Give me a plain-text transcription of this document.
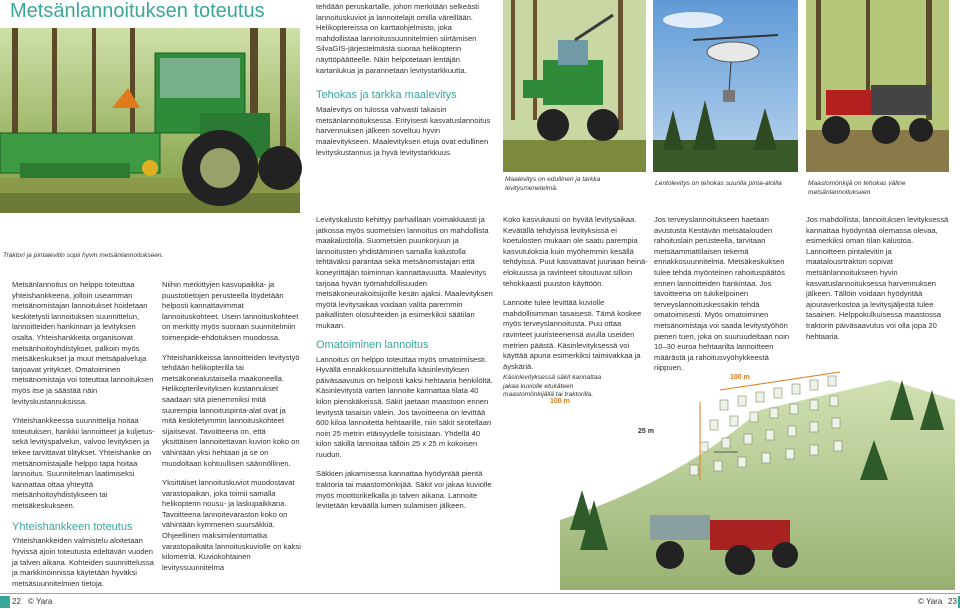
Metsänlannoituksen toteutus
Traktori ja pintalevitin sopii hyvin metsänlannoitukseen.

Metsänlannoitus on helppo toteuttaa yhteishankkeena, jolloin useamman metsänomistajan lannoitukset hoidetaan keskitetysti lannoituksen suunnittelun, lannoitteiden hankinnan ja levityksen osalta. Yhteishankkeita organisoivat metsänhoitoyhdistykset, palkoin myös metsäkeskukset ja muut metsäpalveluja tarjoavat yritykset. Omatoiminen metsänomistaja voi toteuttaa lannoituksen myös itse ja säästää näin levityskustannuksissa.

Yhteishankkeessa suunnittelija hoitaa toteutuksen, hankkii lannoitteet ja kuljetus- sekä levityspalvelun, valvoo levityksen ja tekee tarvittavat tilitykset. Yhteishanke on metsänomistajalle helppo tapa hoitaa lannoitus. Suunnitelman laatimiseksi kannattaa ottaa yhteyttä metsänhoitoyhdistykseen tai metsäkeskukseen.

Yhteishankkeen toteutus

Yhteishankkeiden valmistelu aloitetaan hyvissä ajoin toteutusta edeltävän vuoden ja talven aikana. Kohteiden suunnittelussa ja markkinoinnissa käytetään hyväksi metsäsuunnitelmien tietoja.

Niihin merkittyjen kasvupaikka- ja puustotietojen perusteella löydetään helposti kannattavimmat lannoituskohteet. Usein lannoituskohteet on merkitty myös suoraan suunnitelmiin toimenpide-ehdotuksen muodossa.

Yhteishankkeissa lannoitteiden levitystyö tehdään helikopterilla tai metsäkonealustaisella maakoneella. Helikopterilevityksen kustannukset saadaan sitä pienemmiksi mitä suurempia lannoituspinta-alat ovat ja mitä keskitetymmin lannoituskohteet sijaitsevat. Tavoitteena on, että yksittäisen lannoitettavan kuvion koko on vähintään yksi hehtaari ja se on muodoltaan kohtuullisen säännöllinen.

Yksittäiset lannoituskuviot muodostavat varastopaikan, joka toimii samalla helikopterin nousu- ja laskupaikkana. Tavoitteena lannoitevaraston koko on vähintään kymmenen suursäkkiä. Ohjeellinen maksimilentomatka varastopaikalta lannoituskuviolle on kaksi kilometriä. Kuviokohtainen levityssuunnitelma

tehdään peruskartalle, johon merkitään selkeästi lannoituskuviot ja lannoitelajit omilla väreillään. Helikoptereissa on karttaohjelmisto, joka mahdollistaa lannoitussuunnitelmien siirtämisen SilvaGIS-järjestelmästä suoraa helikopterin näyttöpäätteelle. Näin helpotetaan lentäjän kartanlukua ja parannetaan levitystarkkuutta.

Tehokas ja tarkka maalevitys

Maalevitys on tulossa vahvasti takaisin metsänlannoituksessa. Erityisesti kasvatuslannoitus harvennuksen jälkeen soveltuu hyvin maalevitykseen. Maalevityksen etuja ovat edullinen levityskustannus ja hyvä levitystarkkuus.

Maalevitys on edullinen ja tarkka levitysmenetelmä.
Lentolevitys on tehokas suurilla pinta-aloilla	Maastomönkijä on tehokas väline metsänlannoitukseen

Levityskalusto kehittyy parhaillaan voimakkaasti ja jatkossa myös suometsien lannoitus on mahdollista maakalustolla. Suometsien puunkorjuun ja lannoitusten yhdistäminen samalla kalustolla tehtäväksi parantaa sekä metsänomistajan että koneyrittäjän toiminnan kannattavuutta. Maalevitys tarjoaa hyvän työmahdollisuuden metsäkoneurakoitsijoille kesän ajaksi. Maalevityksen myötä levitysaikaa voidaan valita paremmin paikallisten olosuhteiden ja esimerkiksi säätilan mukaan.

Omatoiminen lannoitus

Lannoitus on helppo toteuttaa myös omatoimisesti. Hyvällä ennakkosuunnittelulla käsinlevityksen päiväsaavutus on helposti kaksi hehtaaria henkilöltä. Käsinlevitystä varten lannoite kannattaa tilata 40 kilon pienskäkeissä. Säkit jaetaan maastoon ennen levitystä tasaisin välein. Jos tavoitteena on levittää 600 kiloa lannoitetta hehtaarille, niin säkit sirotellaan noin 25 metrin etäisyydelle toisistaan. Yhdellä 40 kilon säkillä lannoitaa tällöin 25 x 25 m kokoisen ruudun.

Säkkien jakamisessa kannattaa hyödyntää pientä traktoria tai maastomönkijää. Säkit voi jakaa kuviolle myös moottorikelkalla jo talven aikana. Lannoite levitetään keväällä lumen sulamisen jälkeen.

Koko kasvukausi on hyvää levitysaikaa. Kevätällä tehdyissä levityksissä ei koetulosten mukaan ole saatu parempia kasvutuloksia kuin myöhemmin kesällä tehdyissä. Puut kasvattavat juuriaan heinä-elokuussa ja ravinteet sitoutuvat silloin tehokkaasti puuston käyttöön.

Lannoite tulee levittää kuviolle mahdollisimman tasaisesti. Tämä koskee myös terveyslannoitusta. Puu ottaa ravinteet juuristeenensä avulla useiden metrien päästä. Käsinlevityksessä voi käyttää apuna esimerkiksi taimivakkaa ja äyskäriä.

Jos terveyslannoitukseen haetaan avustusta Kestävän metsätalouden rahoituslain perusteella, tarvitaan metsäammattilaisen tekemä ennakkosuunnitelma. Metsäkeskuksen tulee tehdä myönteinen rahoituspäätös ennen lannoitteiden hankintaa. Jos tavoitteena on tukikelpoinen terveyslannoituskessakin tehdä omatoimisesti. Myös omatoiminen metsänomistaja voi saada levitystyöhön pienen tuen, joka on suuruudeltaan noin 10–30 euroa hehtaarilta lannoitteen määrästä ja rahoitusvyöhykkeestä riippuen.

Jos mahdollista, lannoituksen levityksessä kannattaa hyödyntää olemassa olevaa, esimerkiksi oman tilan kalustoa. Lannoitteen pintalevitin ja maatalousrtraktori sopivat metsänlannoitukseen hyvin kasvatuslannoituksessa harvennuksen jälkeen. Tällöin voidaan hyödyntää ajouraverkostoa ja levitysjäljestä tulee tasainen. Helppokulkuisessa maastossa traktorin päiväsaavutus voi olla jopa 20 hehtaaria.

Käsinlevityksessä säkit kannattaa jakaa kuviolle etukäteen maastomönkijällä tai traktorilla.
100 m
100 m
25 m
22 © Yara	© Yara 23
